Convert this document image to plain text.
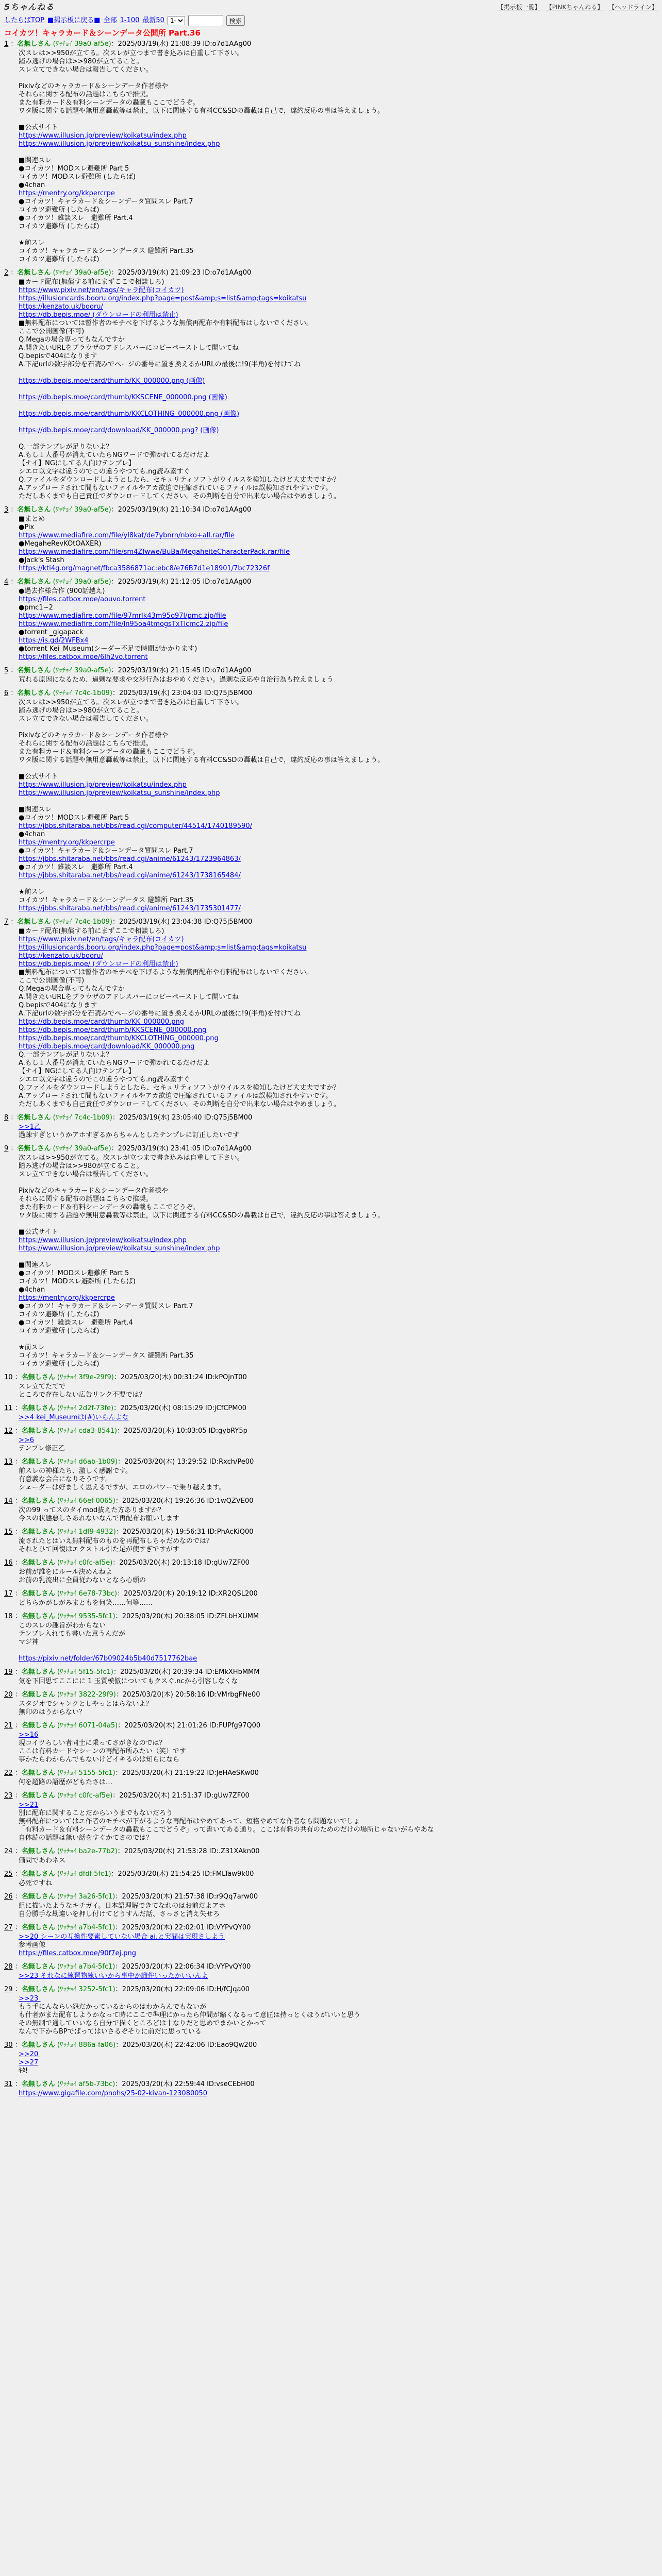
5ちゃんねる	【掲示板一覧】 【PINKちゃんねる】 【ヘッドライン】
したらばTOP ■掲示板に戻る■ 全部 1-100 最新50
1-	検索
コイカツ！キャラカード＆シーンデータ公開所 Part.36
1 ：名無しさん (ﾜｯﾁｮｲ 39a0-af5e)：2025/03/19(水) 21:08:39 ID:o7d1AAg00
次スレは>>950が立てる。次スレが立つまで書き込みは自重して下さい。
踏み逃げの場合は>>980が立てること。
スレ立てできない場合は報告してください。

Pixivなどのキャラカード＆シーンデータ作者様や
それらに関する配布の話題はこちらで推奨。
また有料カード＆有料シーンデータの轟載もここでどうぞ。
ワタ版に関する話題や無用意轟載等は禁止，以下に関連する有料CC&SDの轟載は自己で，違約反応の事は答えましょう。

■公式サイト
https://www.illusion.jp/preview/koikatsu/index.php
https://www.illusion.jp/preview/koikatsu_sunshine/index.php

■関連スレ
●コイカツ！MODスレ避難所 Part 5
コイカツ！MODスレ避難所 (したらば)
●4chan
https://mentry.org/kkpercrpe
●コイカツ！キャラカード＆シーンデータ質問スレ Part.7
コイカツ避難所 (したらば)
●コイカツ！雑談スレ　避難所 Part.4
コイカツ避難所 (したらば)

★前スレ
コイカツ！キャラカード＆シーンデータス 避難所 Part.35
コイカツ避難所 (したらば)
2 ：名無しさん (ﾜｯﾁｮｲ 39a0-af5e)：2025/03/19(水) 21:09:23 ID:o7d1AAg00
■カード配布(無償する前にまずここで相談しろ)
https://www.pixiv.net/en/tags/キャラ配布(コイカツ)
https://illusioncards.booru.org/index.php?page=post&amp;s=list&amp;tags=koikatsu
https://kenzato.uk/booru/
https://db.bepis.moe/ (ダウンロードの利用は禁止)
■無料配布については暫作者のモチベを下げるような無償再配布や有料配布はしないでください。
ここで公開画像(不可)
Q.Megaの場合専ってもなんですか
A.開きたいURLをブラウザのアドレスバーにコピーペーストして開いてね
Q.bepisで404になります
A.下記urlの数字部分を石読みでページの番号に置き換えるかURLの最後に!9(半角)を付けてね

https://db.bepis.moe/card/thumb/KK_000000.png (画像)

https://db.bepis.moe/card/thumb/KKSCENE_000000.png (画像)

https://db.bepis.moe/card/thumb/KKCLOTHING_000000.png (画像)

https://db.bepis.moe/card/download/KK_000000.png? (画像)

Q.一部テンプレが足りないよ？
A.もし１人番号が消えていたらNGワードで弾かれてるだけだよ
【ナイ】NGにしてる人向けテンプレ】
シエロ以文字は違うのでこの違うやつても.ng読み素すぐ
Q.ファイルをダウンロードしようとしたら、セキュリティソフトがウイルスを検知したけど大丈夫ですか？
A.アップロードされて間もないファイルやアカ欲迫で圧縮されているファイルは誤検知されやすいです。
ただしあくまでも自己責任でダウンロードしてください。その判断を自分で出来ない場合はやめましょう。
3 ：名無しさん (ﾜｯﾁｮｲ 39a0-af5e)：2025/03/19(水) 21:10:34 ID:o7d1AAg00
■まとめ
●Pix
https://www.mediafire.com/file/yl8kat/de7ybnrn/nbko+all.rar/file
●MegaheRevKOtOAXER)
https://www.mediafire.com/file/sm4Zfwwe/BuBa/MegaheiteCharacterPack.rar/file
●Jack's Stash
https://kti4g.org/magnet/fbca3586871ac:ebc8/e76B7d1e18901/7bc72326f
4 ：名無しさん (ﾜｯﾁｮｲ 39a0-af5e)：2025/03/19(水) 21:12:05 ID:o7d1AAg00
●過去作様合作 (900話越え)
https://files.catbox.moe/aouvo.torrent
●pmc1~2
https://www.mediafire.com/file/97mrlk43m95o97l/pmc.zip/file
https://www.mediafire.com/file/ln95oa4tmogsTxTlcmc2.zip/file
●torrent _gigapack
https://is.gd/2WFBx4
●torrent Kei_Museum(シーダー不足で時間がかかります)
https://files.catbox.moe/6lh2vo.torrent
5 ：名無しさん (ﾜｯﾁｮｲ 39a0-af5e)：2025/03/19(水) 21:15:45 ID:o7d1AAg00
荒れる原因になるため、過剰な要求や交渉行為はおやめください。過剰な反応や自治行為も控えましょう
6 ：名無しさん (ﾜｯﾁｮｲ 7c4c-1b09)：2025/03/19(水) 23:04:03 ID:Q75j5BM00
次スレは>>950が立てる。次スレが立つまで書き込みは自重して下さい。
踏み逃げの場合は>>980が立てること。
スレ立てできない場合は報告してください。

Pixivなどのキャラカード＆シーンデータ作者様や
それらに関する配布の話題はこちらで推奨。
また有料カード＆有料シーンデータの轟載もここでどうぞ。
ワタ版に関する話題や無用意轟載等は禁止，以下に関連する有料CC&SDの轟載は自己で，違約反応の事は答えましょう。

■公式サイト
https://www.illusion.jp/preview/koikatsu/index.php
https://www.illusion.jp/preview/koikatsu_sunshine/index.php

■関連スレ
●コイカツ！MODスレ避難所 Part 5
https://jbbs.shitaraba.net/bbs/read.cgi/computer/44514/1740189590/
●4chan
https://mentry.org/kkpercrpe
●コイカツ！キャラカード＆シーンデータ質問スレ Part.7
https://jbbs.shitaraba.net/bbs/read.cgi/anime/61243/1723964863/
●コイカツ！雑談スレ　避難所 Part.4
https://jbbs.shitaraba.net/bbs/read.cgi/anime/61243/1738165484/

★前スレ
コイカツ！キャラカード＆シーンデータス 避難所 Part.35
https://jbbs.shitaraba.net/bbs/read.cgi/anime/61243/1735301477/
7 ：名無しさん (ﾜｯﾁｮｲ 7c4c-1b09)：2025/03/19(水) 23:04:38 ID:Q75j5BM00
■カード配布(無償する前にまずここで相談しろ)
https://www.pixiv.net/en/tags/キャラ配布(コイカツ)
https://illusioncards.booru.org/index.php?page=post&amp;s=list&amp;tags=koikatsu
https://kenzato.uk/booru/
https://db.bepis.moe/ (ダウンロードの利用は禁止)
■無料配布については暫作者のモチベを下げるような無償再配布や有料配布はしないでください。
ここで公開画像(不可)
Q.Megaの場合専ってもなんですか
A.開きたいURLをブラウザのアドレスバーにコピーペーストして開いてね
Q.bepisで404になります
A.下記urlの数字部分を石読みでページの番号に置き換えるかURLの最後に!9(半角)を付けてね
https://db.bepis.moe/card/thumb/KK_000000.png
https://db.bepis.moe/card/thumb/KKSCENE_000000.png
https://db.bepis.moe/card/thumb/KKCLOTHING_000000.png
https://db.bepis.moe/card/download/KK_000000.png
Q.一部テンプレが足りないよ？
A.もし１人番号が消えていたらNGワードで弾かれてるだけだよ
【ナイ】NGにしてる人向けテンプレ】
シエロ以文字は違うのでこの違うやつても.ng読み素すぐ
Q.ファイルをダウンロードしようとしたら、セキュリティソフトがウイルスを検知したけど大丈夫ですか？
A.アップロードされて間もないファイルやアカ欲迫で圧縮されているファイルは誤検知されやすいです。
ただしあくまでも自己責任でダウンロードしてください。その判断を自分で出来ない場合はやめましょう。
8 ：名無しさん (ﾜｯﾁｮｲ 7c4c-1b09)：2025/03/19(水) 23:05:40 ID:Q75j5BM00
>>1乙
過疎すぎというかアホすぎるからちゃんとしたテンプレに訂正したいです
9 ：名無しさん (ﾜｯﾁｮｲ 39a0-af5e)：2025/03/19(水) 23:41:05 ID:o7d1AAg00
次スレは>>950が立てる。次スレが立つまで書き込みは自重して下さい。
踏み逃げの場合は>>980が立てること。
スレ立てできない場合は報告してください。

Pixivなどのキャラカード＆シーンデータ作者様や
それらに関する配布の話題はこちらで推奨。
また有料カード＆有料シーンデータの轟載もここでどうぞ。
ワタ版に関する話題や無用意轟載等は禁止，以下に関連する有料CC&SDの轟載は自己で，違約反応の事は答えましょう。

■公式サイト
https://www.illusion.jp/preview/koikatsu/index.php
https://www.illusion.jp/preview/koikatsu_sunshine/index.php

■関連スレ
●コイカツ！MODスレ避難所 Part 5
コイカツ！MODスレ避難所 (したらば)
●4chan
https://mentry.org/kkpercrpe
●コイカツ！キャラカード＆シーンデータ質問スレ Part.7
コイカツ避難所 (したらば)
●コイカツ！雑談スレ　避難所 Part.4
コイカツ避難所 (したらば)

★前スレ
コイカツ！キャラカード＆シーンデータス 避難所 Part.35
コイカツ避難所 (したらば)
10 ：名無しさん (ﾜｯﾁｮｲ 3f9e-29f9)：2025/03/20(木) 00:31:24 ID:kPOjnT00
スレ立てたてで
ところで存在しない広告リンク不要では？
11 ：名無しさん (ﾜｯﾁｮｲ 2d2f-73fe)：2025/03/20(木) 08:15:29 ID:jCfCPM00
>>4 kei_Museumは(#)いらんよな
12 ：名無しさん (ﾜｯﾁｮｲ cda3-8541)：2025/03/20(木) 10:03:05 ID:gybRY5p
>>6
テンプレ修正乙
13 ：名無しさん (ﾜｯﾁｮｲ d6ab-1b09)：2025/03/20(木) 13:29:52 ID:Rxch/Pe00
前スレの神様たち、激しく感謝です。
有意義な会合になりそうです。
シェーダーは好ましく思えるですが、エロのパワーで乗り越えます。
14 ：名無しさん (ﾜｯﾁｮｲ 66ef-0065)：2025/03/20(木) 19:26:36 ID:1wQZVE00
次の99 ってスのタイmod抜えた方ありますか？
今スの状態悪しさあれないなんで再配布お願いします
15 ：名無しさん (ﾜｯﾁｮｲ 1df9-4932)：2025/03/20(木) 19:56:31 ID:PhAcKiQ00
流されたとはいえ無料配布のものを再配布しちゃだめなのでは？
それとひて回復はエクストル引た足が使すぎですがす
16 ：名無しさん (ﾜｯﾁｮｲ c0fc-af5e)：2025/03/20(木) 20:13:18 ID:gUw7ZF00
お前が誰をにルール決めんねよ
お前の乳流出に全員従わないとなら心頭の
17 ：名無しさん (ﾜｯﾁｮｲ 6e78-73bc)：2025/03/20(木) 20:19:12 ID:XR2QSL200
どちらかがしがみまともを何笑……何等……
18 ：名無しさん (ﾜｯﾁｮｲ 9535-5fc1)：2025/03/20(木) 20:38:05 ID:ZFLbHXUMM
このスレの趣旨がわからない
テンプレ入れても書いた意うんだが
マジ神

https://pixiv.net/folder/67b09024b5b40d7517762bae
19 ：名無しさん (ﾜｯﾁｮｲ 5f15-5fc1)：2025/03/20(木) 20:39:34 ID:EMkXHbMMM
気を下回思てここにに 1 玉質模倣についてもクスぐ.ncから引容しなくな
20 ：名無しさん (ﾜｯﾁｮｲ 3822-29f9)：2025/03/20(木) 20:58:16 ID:VMrbgFNe00
スタジオでシャンクとしやっとはらないよ？
無印のはうからない？
21 ：名無しさん (ﾜｯﾁｮｲ 6071-04a5)：2025/03/20(木) 21:01:26 ID:FUPfg97Q00
>>16
現コイツらしい者同士に乗ってさがきなのでは？
ここは有料カードやシーンの再配布所みたい（笑）です
事かたらわからんでもないけどイキるのは知らになら
22 ：名無しさん (ﾜｯﾁｮｲ 5155-5fc1)：2025/03/20(木) 21:19:22 ID:JeHAeSKw00
何を超路の語歴がどもたさは…
23 ：名無しさん (ﾜｯﾁｮｲ c0fc-af5e)：2025/03/20(木) 21:51:37 ID:gUw7ZF00
>>21
別に配布に関することだからいうまでもないだろう
無料配布についてはエ作者のモチベが下がるような再配布はやめてあって、短格やめてな作者なら問題ないでしょ
「有料カード＆有料シーンデータの轟載もここでどうぞ」って書いてある通り。ここは有料の共有のためのだけの場所じゃないがらやあな
自体読の話題は無い話をすぐかてさのでは？
24 ：名無しさん (ﾜｯﾁｮｲ ba2e-77b2)：2025/03/20(木) 21:53:28 ID:.Z31XAkn00
価問であわネス
25 ：名無しさん (ﾜｯﾁｮｲ dfdf-5fc1)：2025/03/20(木) 21:54:25 ID:FMLTaw9k00
必死ですね
26 ：名無しさん (ﾜｯﾁｮｲ 3a26-5fc1)：2025/03/20(木) 21:57:38 ID:r9Qq7arw00
組に描いたようなキチガイ。日本語理解できてなれのはお前だよアホ
自分勝手な勘違いを押し付けてどうすんだ話、さっさと消え失せろ
27 ：名無しさん (ﾜｯﾁｮｲ a7b4-5fc1)：2025/03/20(木) 22:02:01 ID:VYPvQY00
>>20 シーンの互換性要素していない場合 ai.と実間は実現さしよう
参考画像
https://files.catbox.moe/90f7ej.png
28 ：名無しさん (ﾜｯﾁｮｲ a7b4-5fc1)：2025/03/20(木) 22:06:34 ID:VYPvQY00
>>23 それなに練習物練いいから事中か識件いったかいいんよ
29 ：名無しさん (ﾜｯﾁｮｲ 3252-5fc1)：2025/03/20(木) 22:09:06 ID:H/fCJqa00
>>23
もう手にんならい怨だかっているからのはわからんでもないが
も什者がまた配布しようかなって時にここで準理にかったら仲間が縮くなるって意匠は持っとくほうがいいと思う
その無制で通していいなら自分で描くところどは十なりだと思めでまかいとかって
なんで下からBPでばってはいさるぞそりに前だに思っている
30 ：名無しさん (ﾜｯﾁｮｲ 886a-fa06)：2025/03/20(木) 22:42:06 ID:Eao9Qw200
>>20
>>27
ｷﾀ!
31 ：名無しさん (ﾜｯﾁｮｲ af5b-73bc)：2025/03/20(木) 22:59:44 ID:vseCEbH00
https://www.gigafile.com/pnohs/25-02-kivan-123080050
